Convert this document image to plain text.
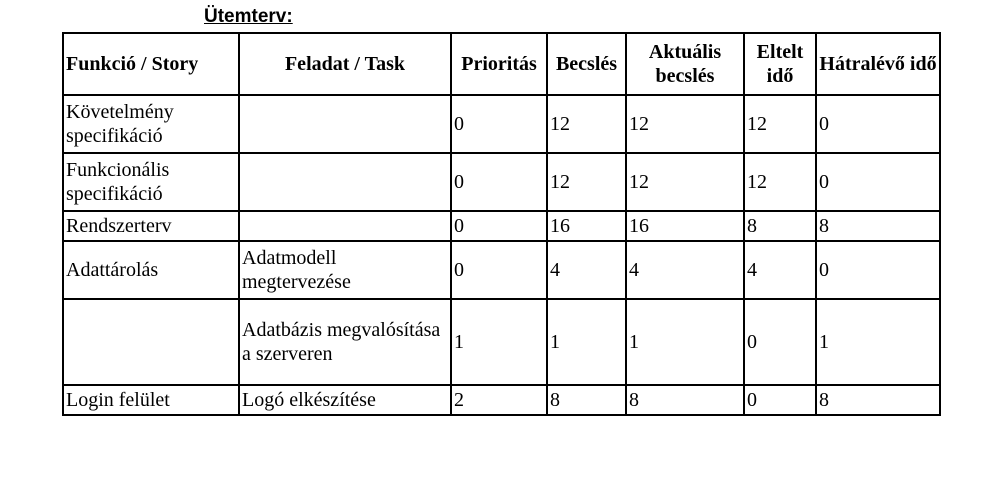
Ütemterv:
Funkció / Story	Feladat / Task	Prioritás	Becslés	Aktuális becslés	Eltelt idő	Hátralévő idő
Követelmény specifikáció		0	12	12	12	0
Funkcionális specifikáció		0	12	12	12	0
Rendszerterv		0	16	16	8	8
Adattárolás	Adatmodell megtervezése	0	4	4	4	0
	Adatbázis megvalósítása a szerveren	1	1	1	0	1
Login felület	Logó elkészítése	2	8	8	0	8
